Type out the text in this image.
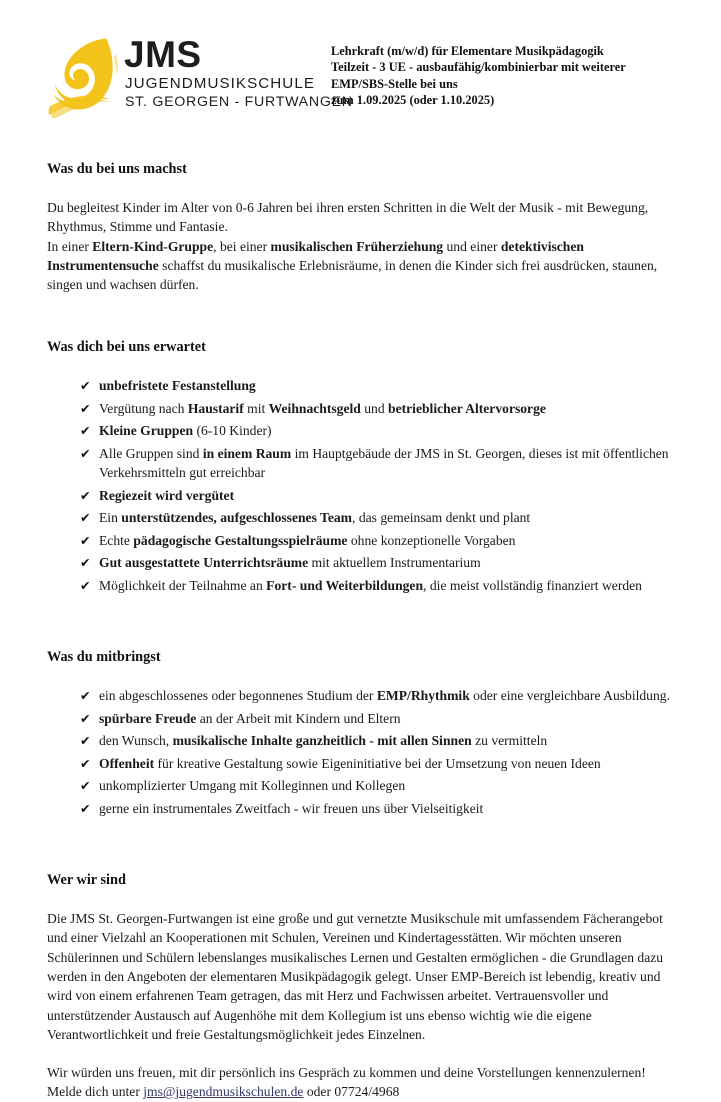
JMS
JUGENDMUSIKSCHULE
ST. GEORGEN - FURTWANGEN
Lehrkraft (m/w/d) für Elementare Musikpädagogik
Teilzeit - 3 UE - ausbaufähig/kombinierbar mit weiterer
EMP/SBS-Stelle bei uns
zum 1.09.2025 (oder 1.10.2025)
Was du bei uns machst

Du begleitest Kinder im Alter von 0-6 Jahren bei ihren ersten Schritten in die Welt der Musik - mit Bewegung, Rhythmus, Stimme und Fantasie.
In einer Eltern-Kind-Gruppe, bei einer musikalischen Früherziehung und einer detektivischen Instrumentensuche schaffst du musikalische Erlebnisräume, in denen die Kinder sich frei ausdrücken, staunen, singen und wachsen dürfen.

Was dich bei uns erwartet
✔ unbefristete Festanstellung
✔ Vergütung nach Haustarif mit Weihnachtsgeld und betrieblicher Altervorsorge
✔ Kleine Gruppen (6-10 Kinder)
✔ Alle Gruppen sind in einem Raum im Hauptgebäude der JMS in St. Georgen, dieses ist mit öffentlichen Verkehrsmitteln gut erreichbar
✔ Regiezeit wird vergütet
✔ Ein unterstützendes, aufgeschlossenes Team, das gemeinsam denkt und plant
✔ Echte pädagogische Gestaltungsspielräume ohne konzeptionelle Vorgaben
✔ Gut ausgestattete Unterrichtsräume mit aktuellem Instrumentarium
✔ Möglichkeit der Teilnahme an Fort- und Weiterbildungen, die meist vollständig finanziert werden
Was du mitbringst
✔ ein abgeschlossenes oder begonnenes Studium der EMP/Rhythmik oder eine vergleichbare Ausbildung.
✔ spürbare Freude an der Arbeit mit Kindern und Eltern
✔ den Wunsch, musikalische Inhalte ganzheitlich - mit allen Sinnen zu vermitteln
✔ Offenheit für kreative Gestaltung sowie Eigeninitiative bei der Umsetzung von neuen Ideen
✔ unkomplizierter Umgang mit Kolleginnen und Kollegen
✔ gerne ein instrumentales Zweitfach - wir freuen uns über Vielseitigkeit
Wer wir sind

Die JMS St. Georgen-Furtwangen ist eine große und gut vernetzte Musikschule mit umfassendem Fächerangebot und einer Vielzahl an Kooperationen mit Schulen, Vereinen und Kindertagesstätten. Wir möchten unseren Schülerinnen und Schülern lebenslanges musikalisches Lernen und Gestalten ermöglichen - die Grundlagen dazu werden in den Angeboten der elementaren Musikpädagogik gelegt. Unser EMP-Bereich ist lebendig, kreativ und wird von einem erfahrenen Team getragen, das mit Herz und Fachwissen arbeitet. Vertrauensvoller und unterstützender Austausch auf Augenhöhe mit dem Kollegium ist uns ebenso wichtig wie die eigene Verantwortlichkeit und freie Gestaltungsmöglichkeit jedes Einzelnen.

Wir würden uns freuen, mit dir persönlich ins Gespräch zu kommen und deine Vorstellungen kennenzulernen!
Melde dich unter jms@jugendmusikschulen.de oder 07724/4968
